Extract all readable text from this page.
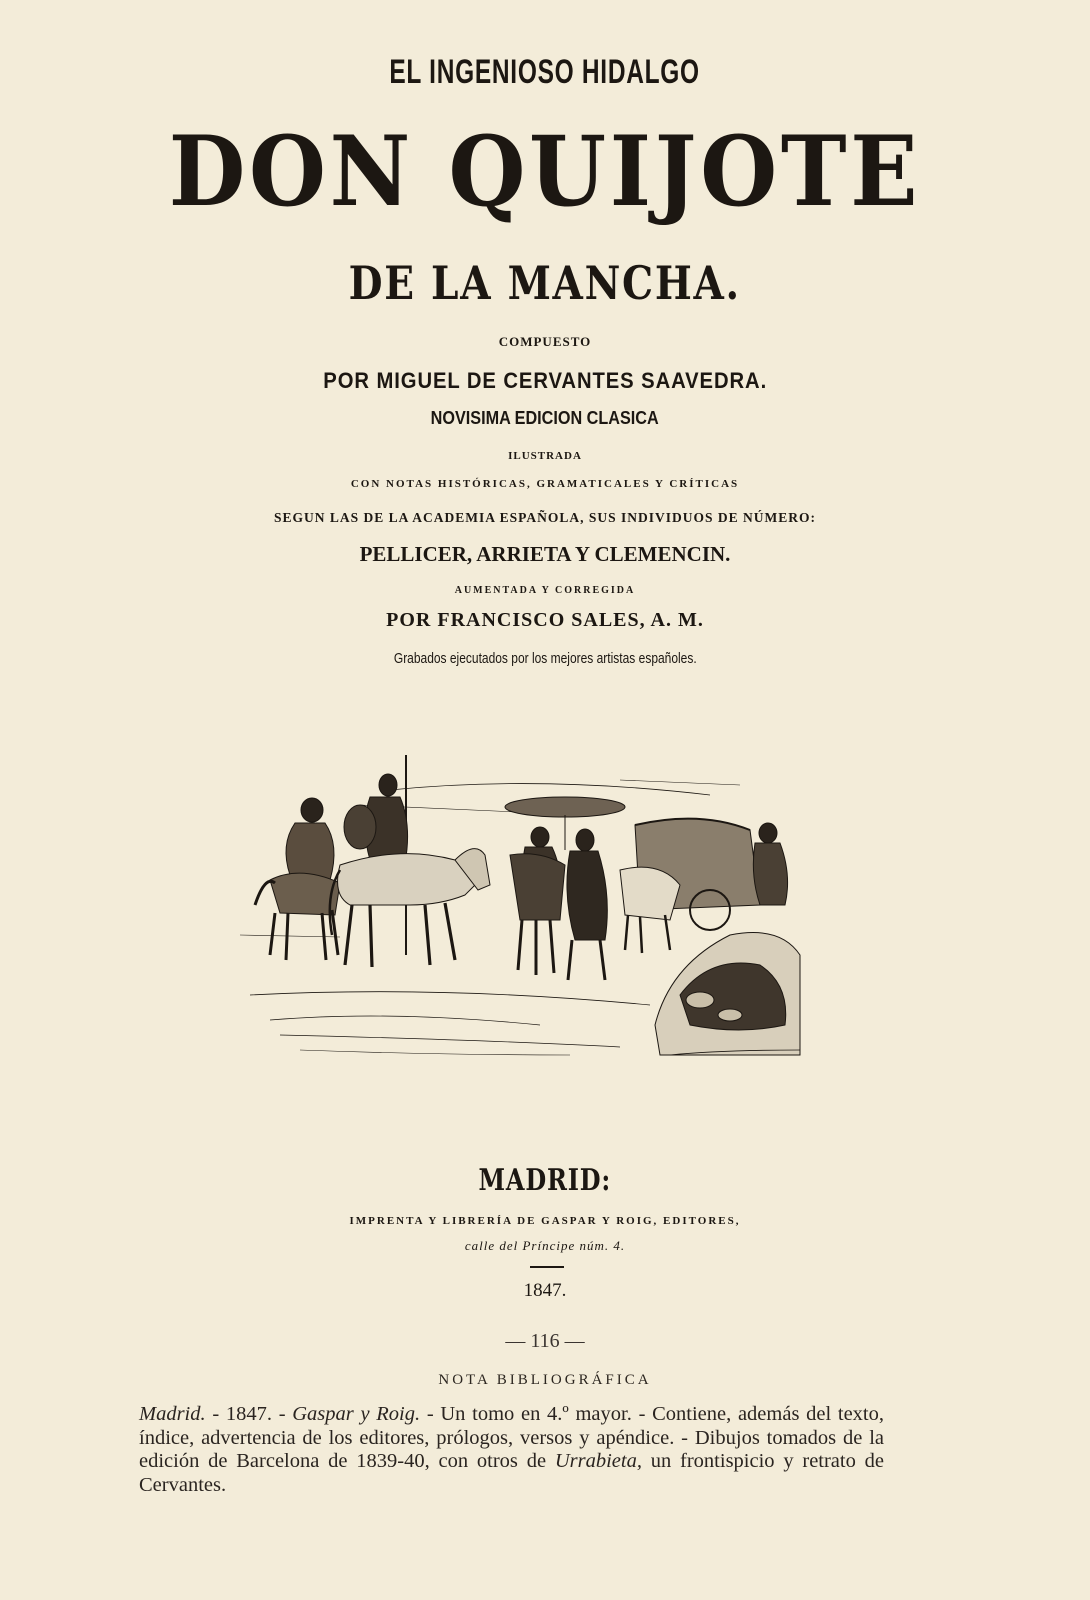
EL INGENIOSO HIDALGO
DON QUIJOTE
DE LA MANCHA.
COMPUESTO
POR MIGUEL DE CERVANTES SAAVEDRA.
NOVISIMA EDICION CLASICA
ILUSTRADA
CON NOTAS HISTÓRICAS, GRAMATICALES Y CRÍTICAS
SEGUN LAS DE LA ACADEMIA ESPAÑOLA, SUS INDIVIDUOS DE NÚMERO:
PELLICER, ARRIETA Y CLEMENCIN.
AUMENTADA Y CORREGIDA
POR FRANCISCO SALES, A. M.
Grabados ejecutados por los mejores artistas españoles.
MADRID:
IMPRENTA Y LIBRERÍA DE GASPAR Y ROIG, EDITORES,
calle del Príncipe núm. 4.
1847.
— 116 —
NOTA BIBLIOGRÁFICA
Madrid. - 1847. - Gaspar y Roig. - Un tomo en 4.º mayor. - Contiene, además del texto, índice, advertencia de los editores, prólogos, versos y apéndice. - Dibujos tomados de la edición de Barcelona de 1839-40, con otros de Urrabieta, un frontispicio y retrato de Cervantes.
